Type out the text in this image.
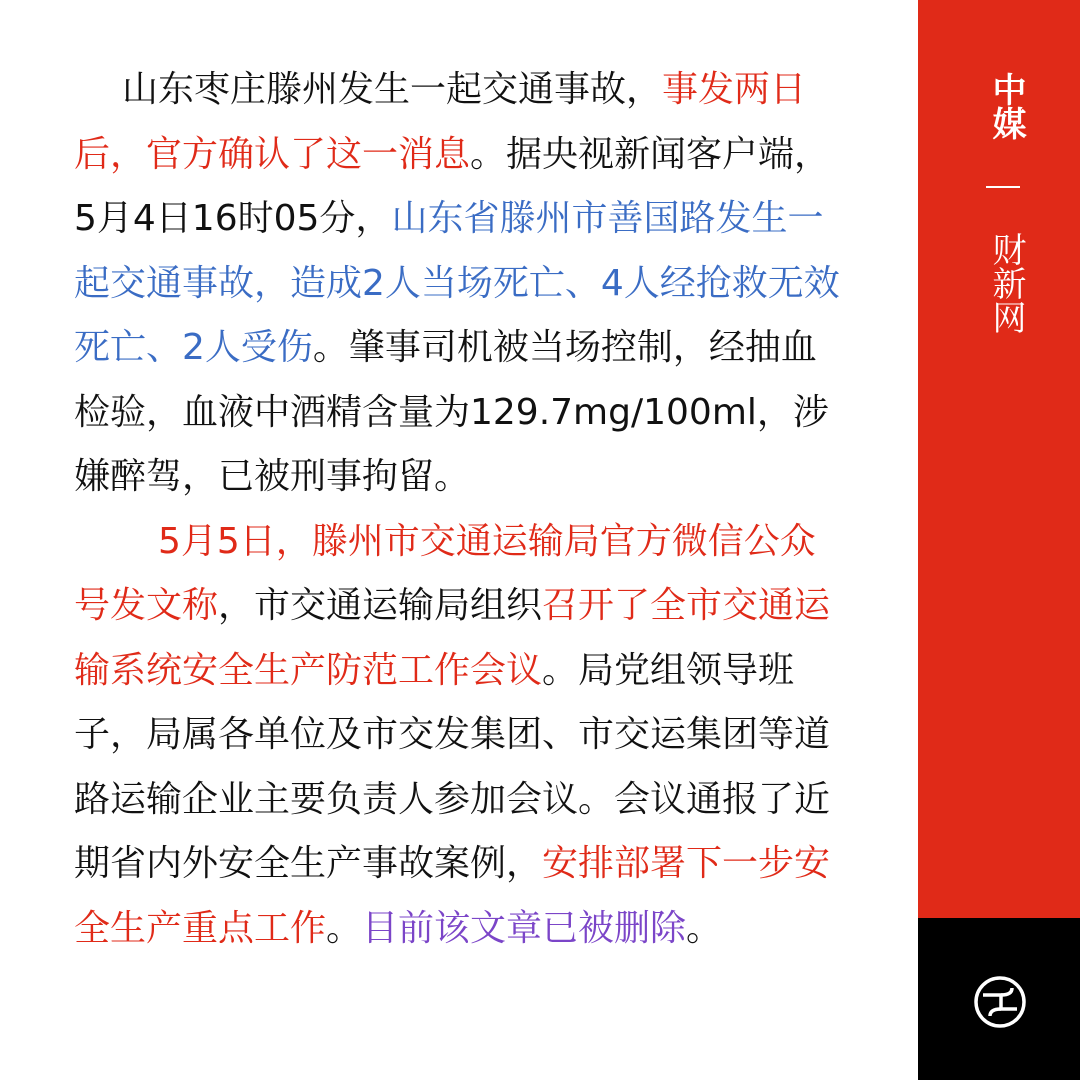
山东枣庄滕州发生一起交通事故，事发两日后，官方确认了这一消息。据央视新闻客户端，5月4日16时05分，山东省滕州市善国路发生一起交通事故，造成2人当场死亡、4人经抢救无效死亡、2人受伤。肇事司机被当场控制，经抽血检验，血液中酒精含量为129.7mg/100ml，涉嫌醉驾，已被刑事拘留。

5月5日，滕州市交通运输局官方微信公众号发文称，市交通运输局组织召开了全市交通运输系统安全生产防范工作会议。局党组领导班子，局属各单位及市交发集团、市交运集团等道路运输企业主要负责人参加会议。会议通报了近期省内外安全生产事故案例，安排部署下一步安全生产重点工作。目前该文章已被删除。

中媒
财新网
